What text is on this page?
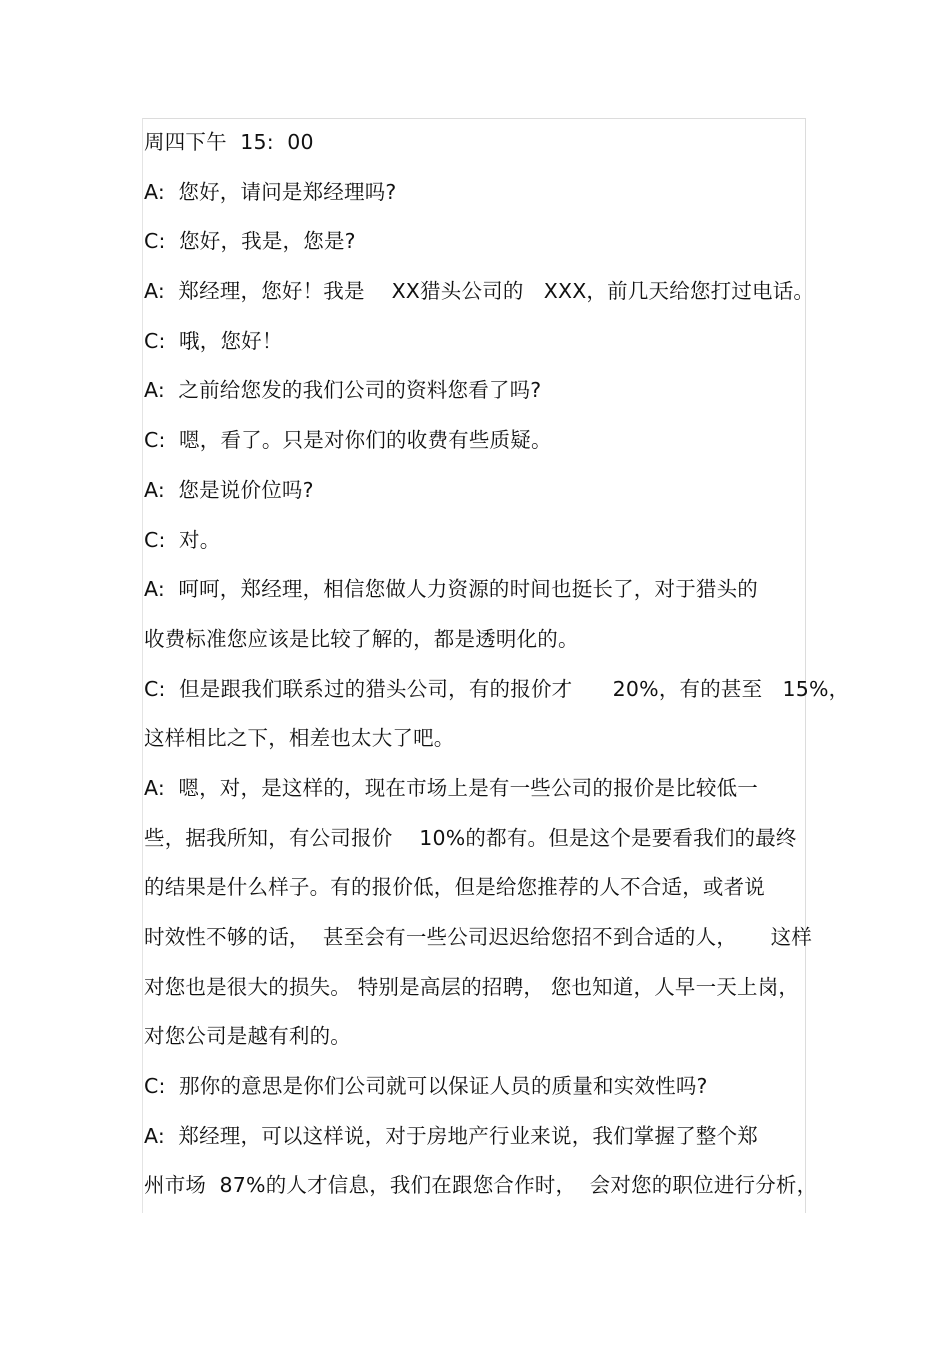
周四下午  15:  00
A:  您好，请问是郑经理吗?
C:  您好，我是，您是?
A:  郑经理，您好！我是    XX猎头公司的   XXX，前几天给您打过电话。
C:  哦，您好！
A:  之前给您发的我们公司的资料您看了吗?
C:  嗯，看了。只是对你们的收费有些质疑。
A:  您是说价位吗?
C:  对。
A:  呵呵，郑经理，相信您做人力资源的时间也挺长了，对于猎头的
收费标准您应该是比较了解的，都是透明化的。
C:  但是跟我们联系过的猎头公司，有的报价才      20%，有的甚至   15%，
这样相比之下，相差也太大了吧。
A:  嗯，对，是这样的，现在市场上是有一些公司的报价是比较低一
些，据我所知，有公司报价    10%的都有。但是这个是要看我们的最终
的结果是什么样子。有的报价低，但是给您推荐的人不合适，或者说
时效性不够的话，  甚至会有一些公司迟迟给您招不到合适的人，     这样
对您也是很大的损失。 特别是高层的招聘， 您也知道，人早一天上岗，
对您公司是越有利的。
C:  那你的意思是你们公司就可以保证人员的质量和实效性吗?
A:  郑经理，可以这样说，对于房地产行业来说，我们掌握了整个郑
州市场  87%的人才信息，我们在跟您合作时，  会对您的职位进行分析，
